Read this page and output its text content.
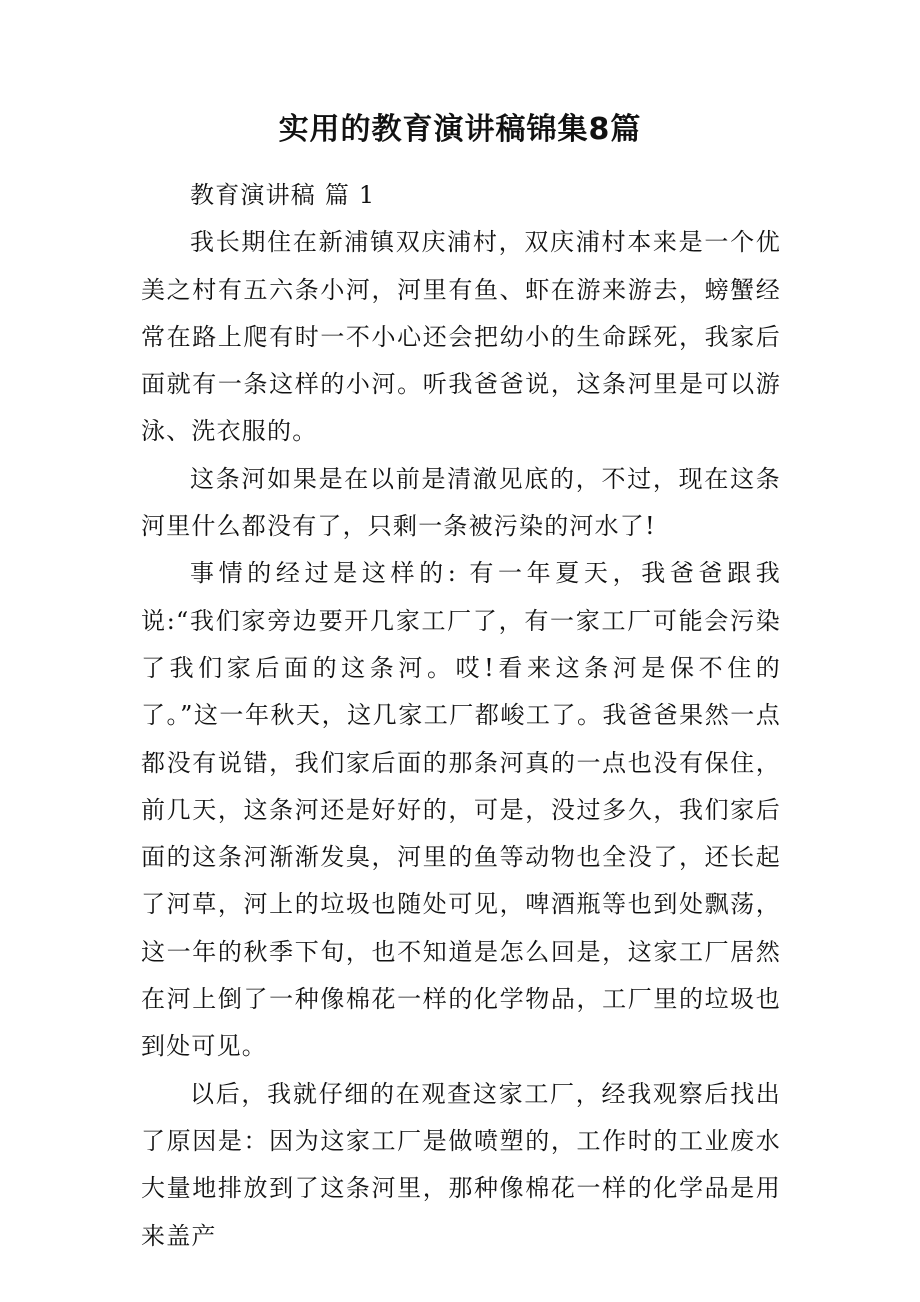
实用的教育演讲稿锦集8篇

教育演讲稿 篇 1

我长期住在新浦镇双庆浦村，双庆浦村本来是一个优美之村有五六条小河，河里有鱼、虾在游来游去，螃蟹经常在路上爬有时一不小心还会把幼小的生命踩死，我家后面就有一条这样的小河。听我爸爸说，这条河里是可以游泳、洗衣服的。

这条河如果是在以前是清澈见底的，不过，现在这条河里什么都没有了，只剩一条被污染的河水了!

事情的经过是这样的: 有一年夏天，我爸爸跟我说:“我们家旁边要开几家工厂了，有一家工厂可能会污染了我们家后面的这条河。哎!看来这条河是保不住的了。”这一年秋天，这几家工厂都峻工了。我爸爸果然一点都没有说错，我们家后面的那条河真的一点也没有保住，前几天，这条河还是好好的，可是，没过多久，我们家后面的这条河渐渐发臭，河里的鱼等动物也全没了，还长起了河草，河上的垃圾也随处可见，啤酒瓶等也到处飘荡，这一年的秋季下旬，也不知道是怎么回是，这家工厂居然在河上倒了一种像棉花一样的化学物品，工厂里的垃圾也到处可见。

以后，我就仔细的在观查这家工厂，经我观察后找出了原因是：因为这家工厂是做喷塑的，工作时的工业废水大量地排放到了这条河里，那种像棉花一样的化学品是用来盖产
